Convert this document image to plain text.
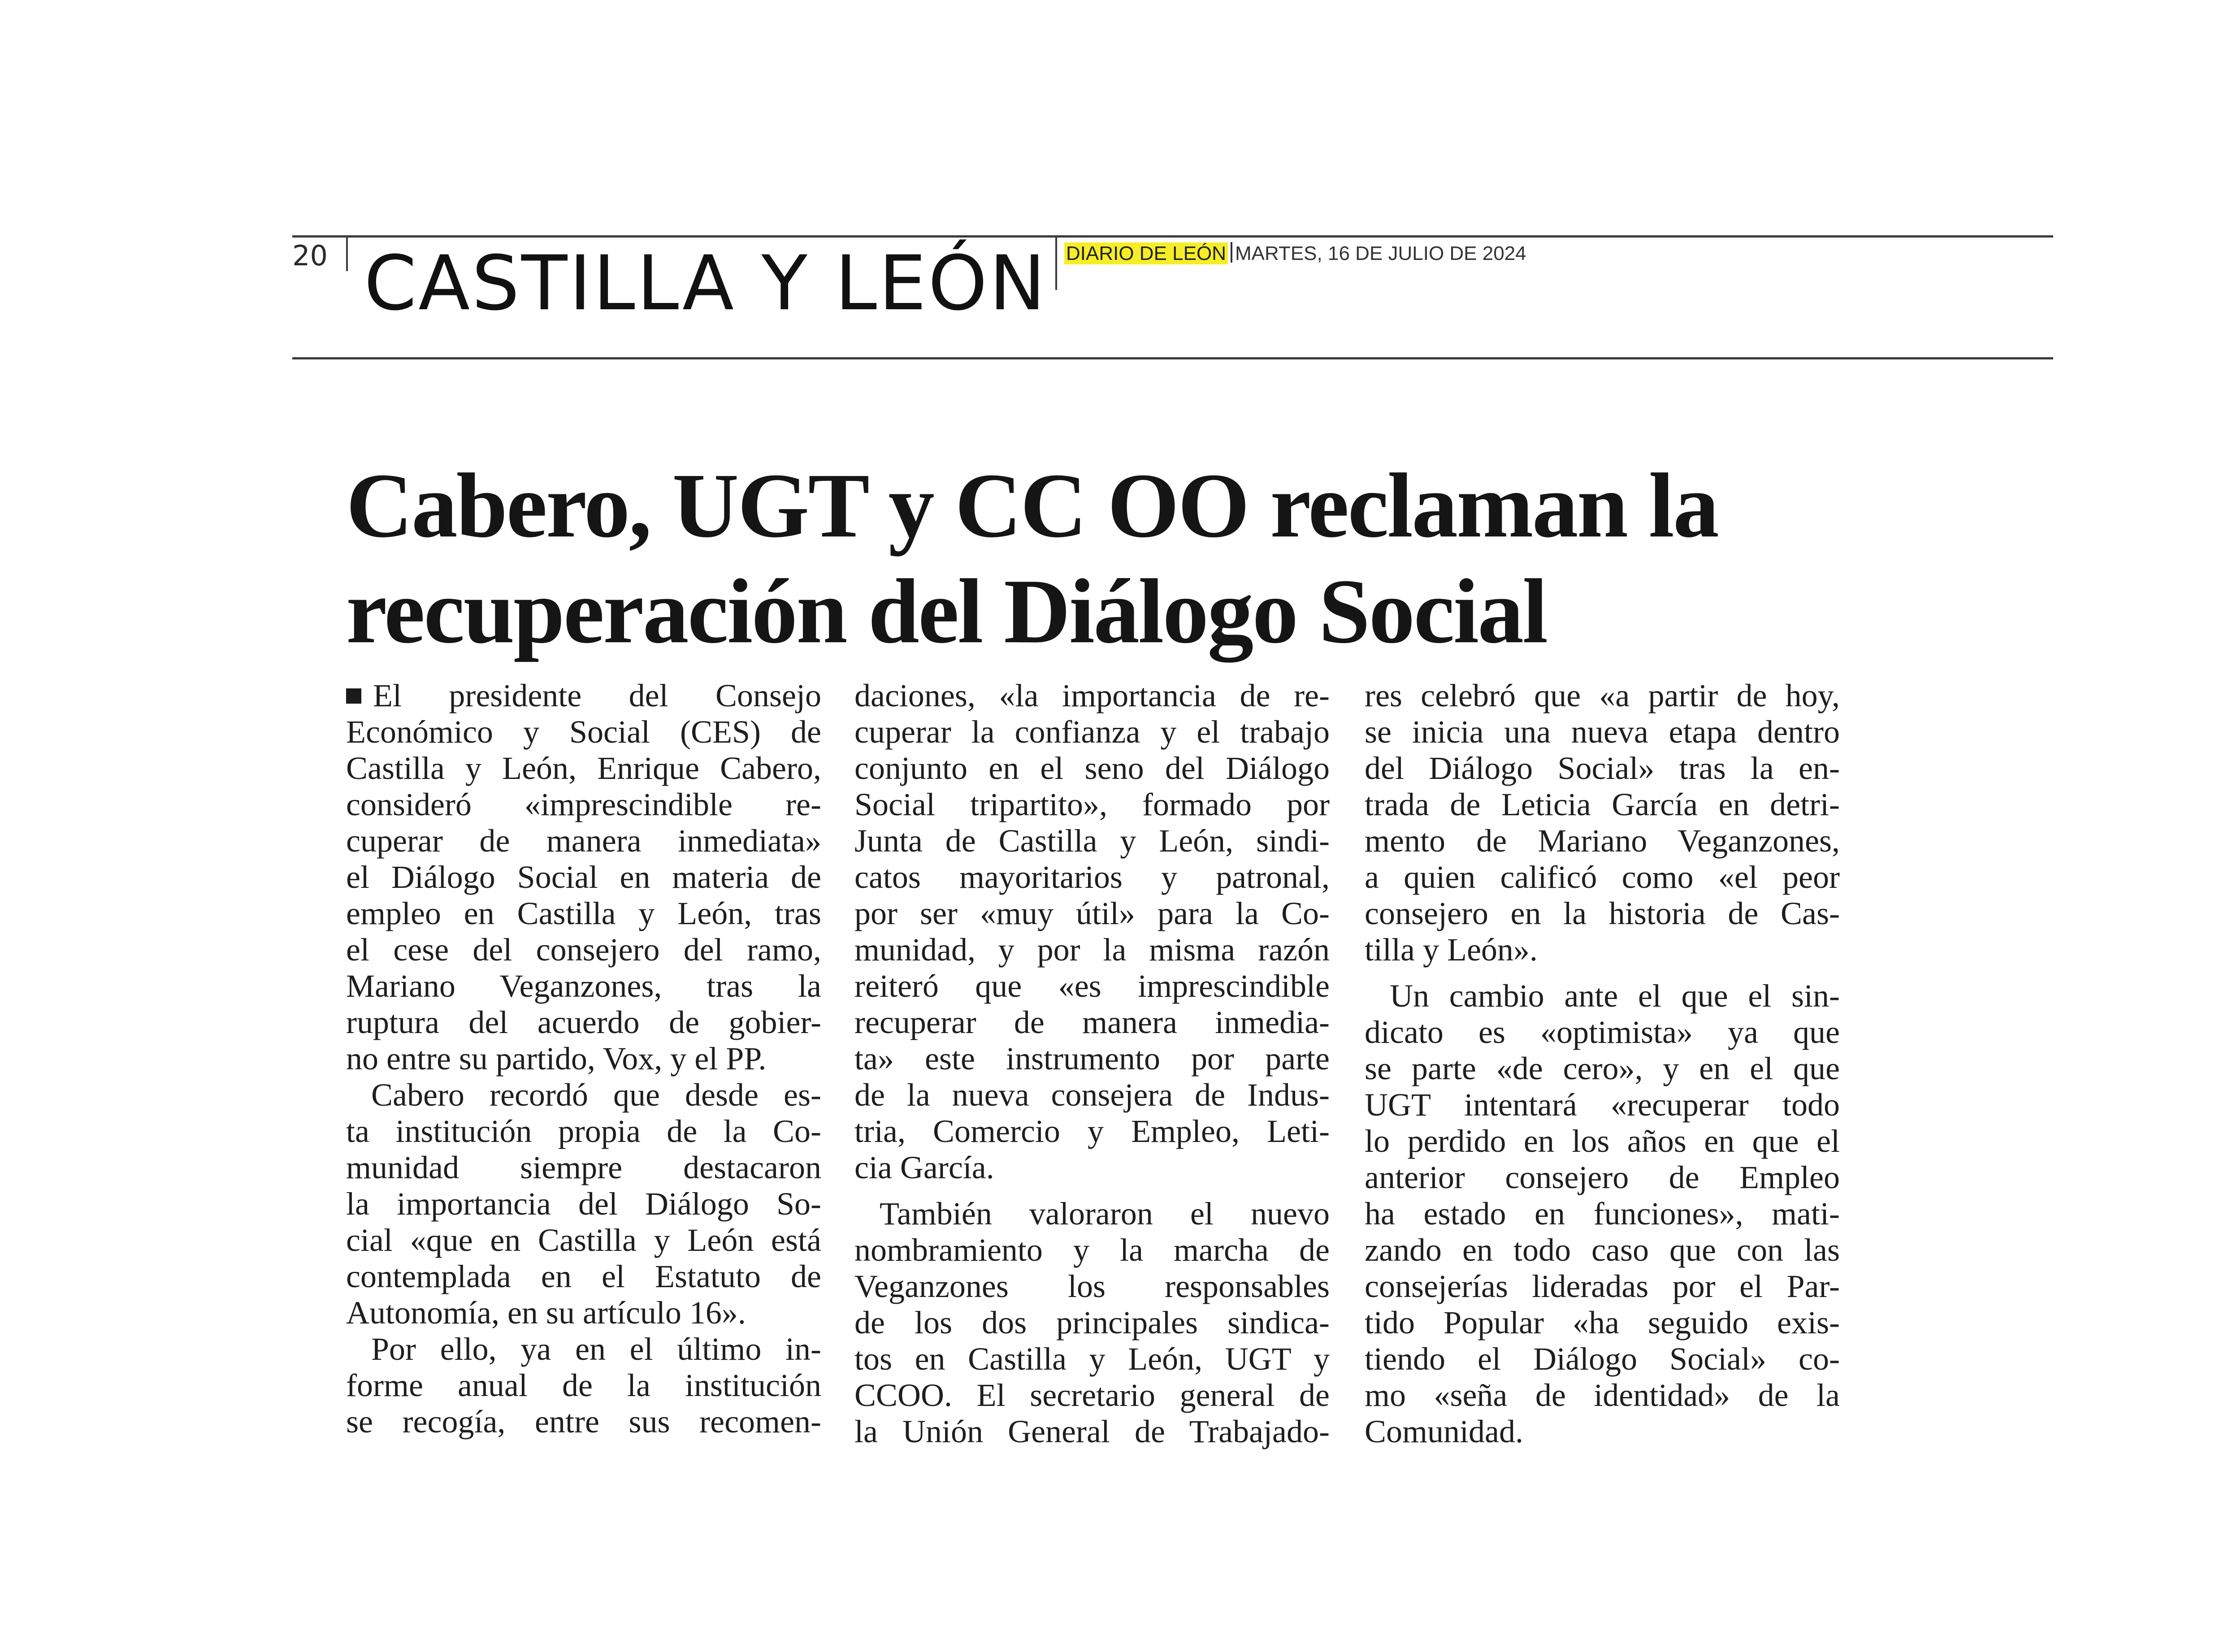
20 CASTILLA Y LEÓN DIARIO DE LEÓN MARTES, 16 DE JULIO DE 2024
Cabero, UGT y CC OO reclaman la
recuperación del Diálogo Social
El presidente del Consejo
Económico y Social (CES) de
Castilla y León, Enrique Cabero,
consideró «imprescindible re-
cuperar de manera inmediata»
el Diálogo Social en materia de
empleo en Castilla y León, tras
el cese del consejero del ramo,
Mariano Veganzones, tras la
ruptura del acuerdo de gobier-
no entre su partido, Vox, y el PP.
Cabero recordó que desde es-
ta institución propia de la Co-
munidad siempre destacaron
la importancia del Diálogo So-
cial «que en Castilla y León está
contemplada en el Estatuto de
Autonomía, en su artículo 16».
Por ello, ya en el último in-
forme anual de la institución
se recogía, entre sus recomen-
daciones, «la importancia de re-
cuperar la confianza y el trabajo
conjunto en el seno del Diálogo
Social tripartito», formado por
Junta de Castilla y León, sindi-
catos mayoritarios y patronal,
por ser «muy útil» para la Co-
munidad, y por la misma razón
reiteró que «es imprescindible
recuperar de manera inmedia-
ta» este instrumento por parte
de la nueva consejera de Indus-
tria, Comercio y Empleo, Leti-
cia García.
También valoraron el nuevo
nombramiento y la marcha de
Veganzones los responsables
de los dos principales sindica-
tos en Castilla y León, UGT y
CCOO. El secretario general de
la Unión General de Trabajado-
res celebró que «a partir de hoy,
se inicia una nueva etapa dentro
del Diálogo Social» tras la en-
trada de Leticia García en detri-
mento de Mariano Veganzones,
a quien calificó como «el peor
consejero en la historia de Cas-
tilla y León».
Un cambio ante el que el sin-
dicato es «optimista» ya que
se parte «de cero», y en el que
UGT intentará «recuperar todo
lo perdido en los años en que el
anterior consejero de Empleo
ha estado en funciones», mati-
zando en todo caso que con las
consejerías lideradas por el Par-
tido Popular «ha seguido exis-
tiendo el Diálogo Social» co-
mo «seña de identidad» de la
Comunidad.
